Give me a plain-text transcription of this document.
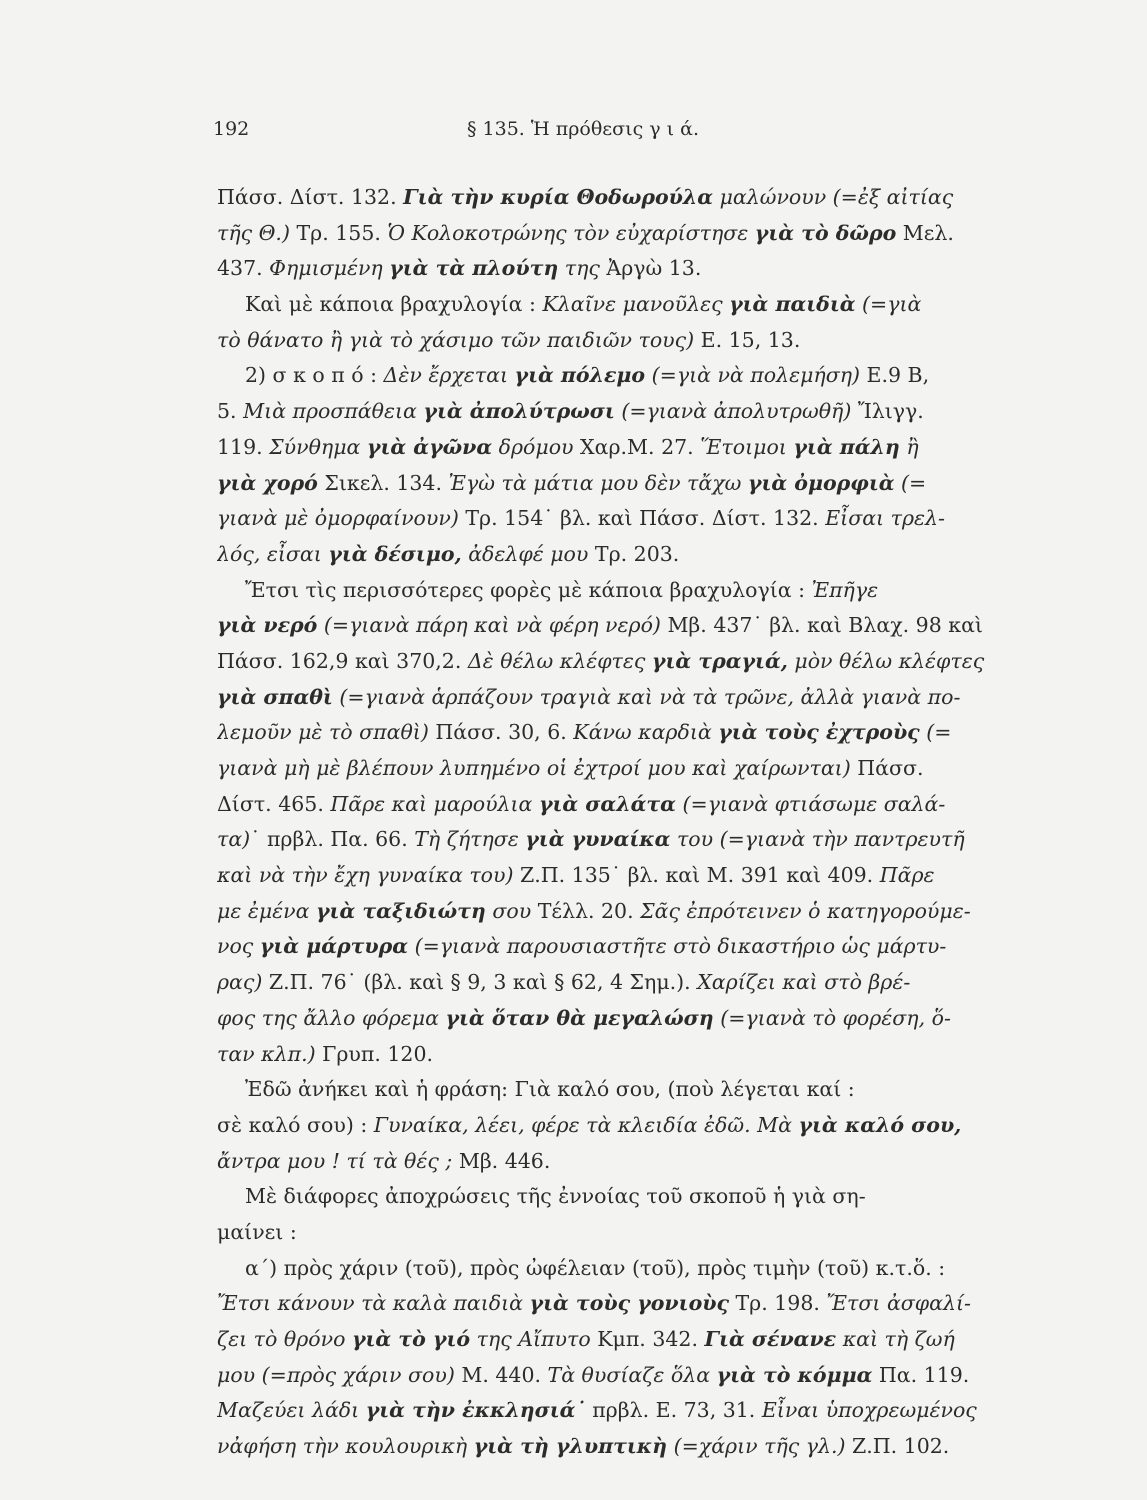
192	§ 135. Ἡ πρόθεσις γ ι ά.
Πάσσ. Δίστ. 132. Γιὰ τὴν κυρία Θοδωρούλα μαλώνουν (=ἐξ αἰτίας
τῆς Θ.) Τρ. 155. Ὁ Κολοκοτρώνης τὸν εὐχαρίστησε γιὰ τὸ δῶρο Μελ.
437. Φημισμένη γιὰ τὰ πλούτη της Ἀργὼ 13.
Καὶ μὲ κάποια βραχυλογία : Κλαῖνε μανοῦλες γιὰ παιδιὰ (=γιὰ
τὸ θάνατο ἢ γιὰ τὸ χάσιμο τῶν παιδιῶν τους) Ε. 15, 13.
2) σ κ ο π ό : Δὲν ἔρχεται γιὰ πόλεμο (=γιὰ νὰ πολεμήση) Ε.9 Β,
5. Μιὰ προσπάθεια γιὰ ἀπολύτρωσι (=γιανὰ ἀπολυτρωθῆ) Ἴλιγγ.
119. Σύνθημα γιὰ ἀγῶνα δρόμου Χαρ.Μ. 27. Ἕτοιμοι γιὰ πάλη ἢ
γιὰ χορό Σικελ. 134. Ἐγὼ τὰ μάτια μου δὲν τἄχω γιὰ ὀμορφιὰ (=
γιανὰ μὲ ὀμορφαίνουν) Τρ. 154˙ βλ. καὶ Πάσσ. Δίστ. 132. Εἶσαι τρελ-
λός, εἶσαι γιὰ δέσιμο, ἀδελφέ μου Τρ. 203.
Ἔτσι τὶς περισσότερες φορὲς μὲ κάποια βραχυλογία : Ἐπῆγε
γιὰ νερό (=γιανὰ πάρη καὶ νὰ φέρη νερό) Μβ. 437˙ βλ. καὶ Βλαχ. 98 καὶ
Πάσσ. 162,9 καὶ 370,2. Δὲ θέλω κλέφτες γιὰ τραγιά, μὸν θέλω κλέφτες
γιὰ σπαθὶ (=γιανὰ ἁρπάζουν τραγιὰ καὶ νὰ τὰ τρῶνε, ἀλλὰ γιανὰ πο-
λεμοῦν μὲ τὸ σπαθὶ) Πάσσ. 30, 6. Κάνω καρδιὰ γιὰ τοὺς ἐχτροὺς (=
γιανὰ μὴ μὲ βλέπουν λυπημένο οἱ ἐχτροί μου καὶ χαίρωνται) Πάσσ.
Δίστ. 465. Πᾶρε καὶ μαρούλια γιὰ σαλάτα (=γιανὰ φτιάσωμε σαλά-
τα)˙ πρβλ. Πα. 66. Τὴ ζήτησε γιὰ γυναίκα του (=γιανὰ τὴν παντρευτῆ
καὶ νὰ τὴν ἔχη γυναίκα του) Ζ.Π. 135˙ βλ. καὶ Μ. 391 καὶ 409. Πᾶρε
με ἐμένα γιὰ ταξιδιώτη σου Τέλλ. 20. Σᾶς ἐπρότεινεν ὁ κατηγορούμε-
νος γιὰ μάρτυρα (=γιανὰ παρουσιαστῆτε στὸ δικαστήριο ὡς μάρτυ-
ρας) Ζ.Π. 76˙ (βλ. καὶ § 9, 3 καὶ § 62, 4 Σημ.). Χαρίζει καὶ στὸ βρέ-
φος της ἄλλο φόρεμα γιὰ ὅταν θὰ μεγαλώση (=γιανὰ τὸ φορέση, ὅ-
ταν κλπ.) Γρυπ. 120.
Ἐδῶ ἀνήκει καὶ ἡ φράση: Γιὰ καλό σου, (ποὺ λέγεται καί :
σὲ καλό σου) : Γυναίκα, λέει, φέρε τὰ κλειδία ἐδῶ. Μὰ γιὰ καλό σου,
ἄντρα μου ! τί τὰ θές ; Μβ. 446.
Μὲ διάφορες ἀποχρώσεις τῆς ἐννοίας τοῦ σκοποῦ ἡ γιὰ ση-
μαίνει :
α΄) πρὸς χάριν (τοῦ), πρὸς ὠφέλειαν (τοῦ), πρὸς τιμὴν (τοῦ) κ.τ.ὅ. :
Ἔτσι κάνουν τὰ καλὰ παιδιὰ γιὰ τοὺς γονιοὺς Τρ. 198. Ἔτσι ἀσφαλί-
ζει τὸ θρόνο γιὰ τὸ γιό της Αἴπυτο Κμπ. 342. Γιὰ σένανε καὶ τὴ ζωή
μου (=πρὸς χάριν σου) Μ. 440. Τὰ θυσίαζε ὅλα γιὰ τὸ κόμμα Πα. 119.
Μαζεύει λάδι γιὰ τὴν ἐκκλησιά˙ πρβλ. Ε. 73, 31. Εἶναι ὑποχρεωμένος
νἀφήση τὴν κουλουρικὴ γιὰ τὴ γλυπτικὴ (=χάριν τῆς γλ.) Ζ.Π. 102.
